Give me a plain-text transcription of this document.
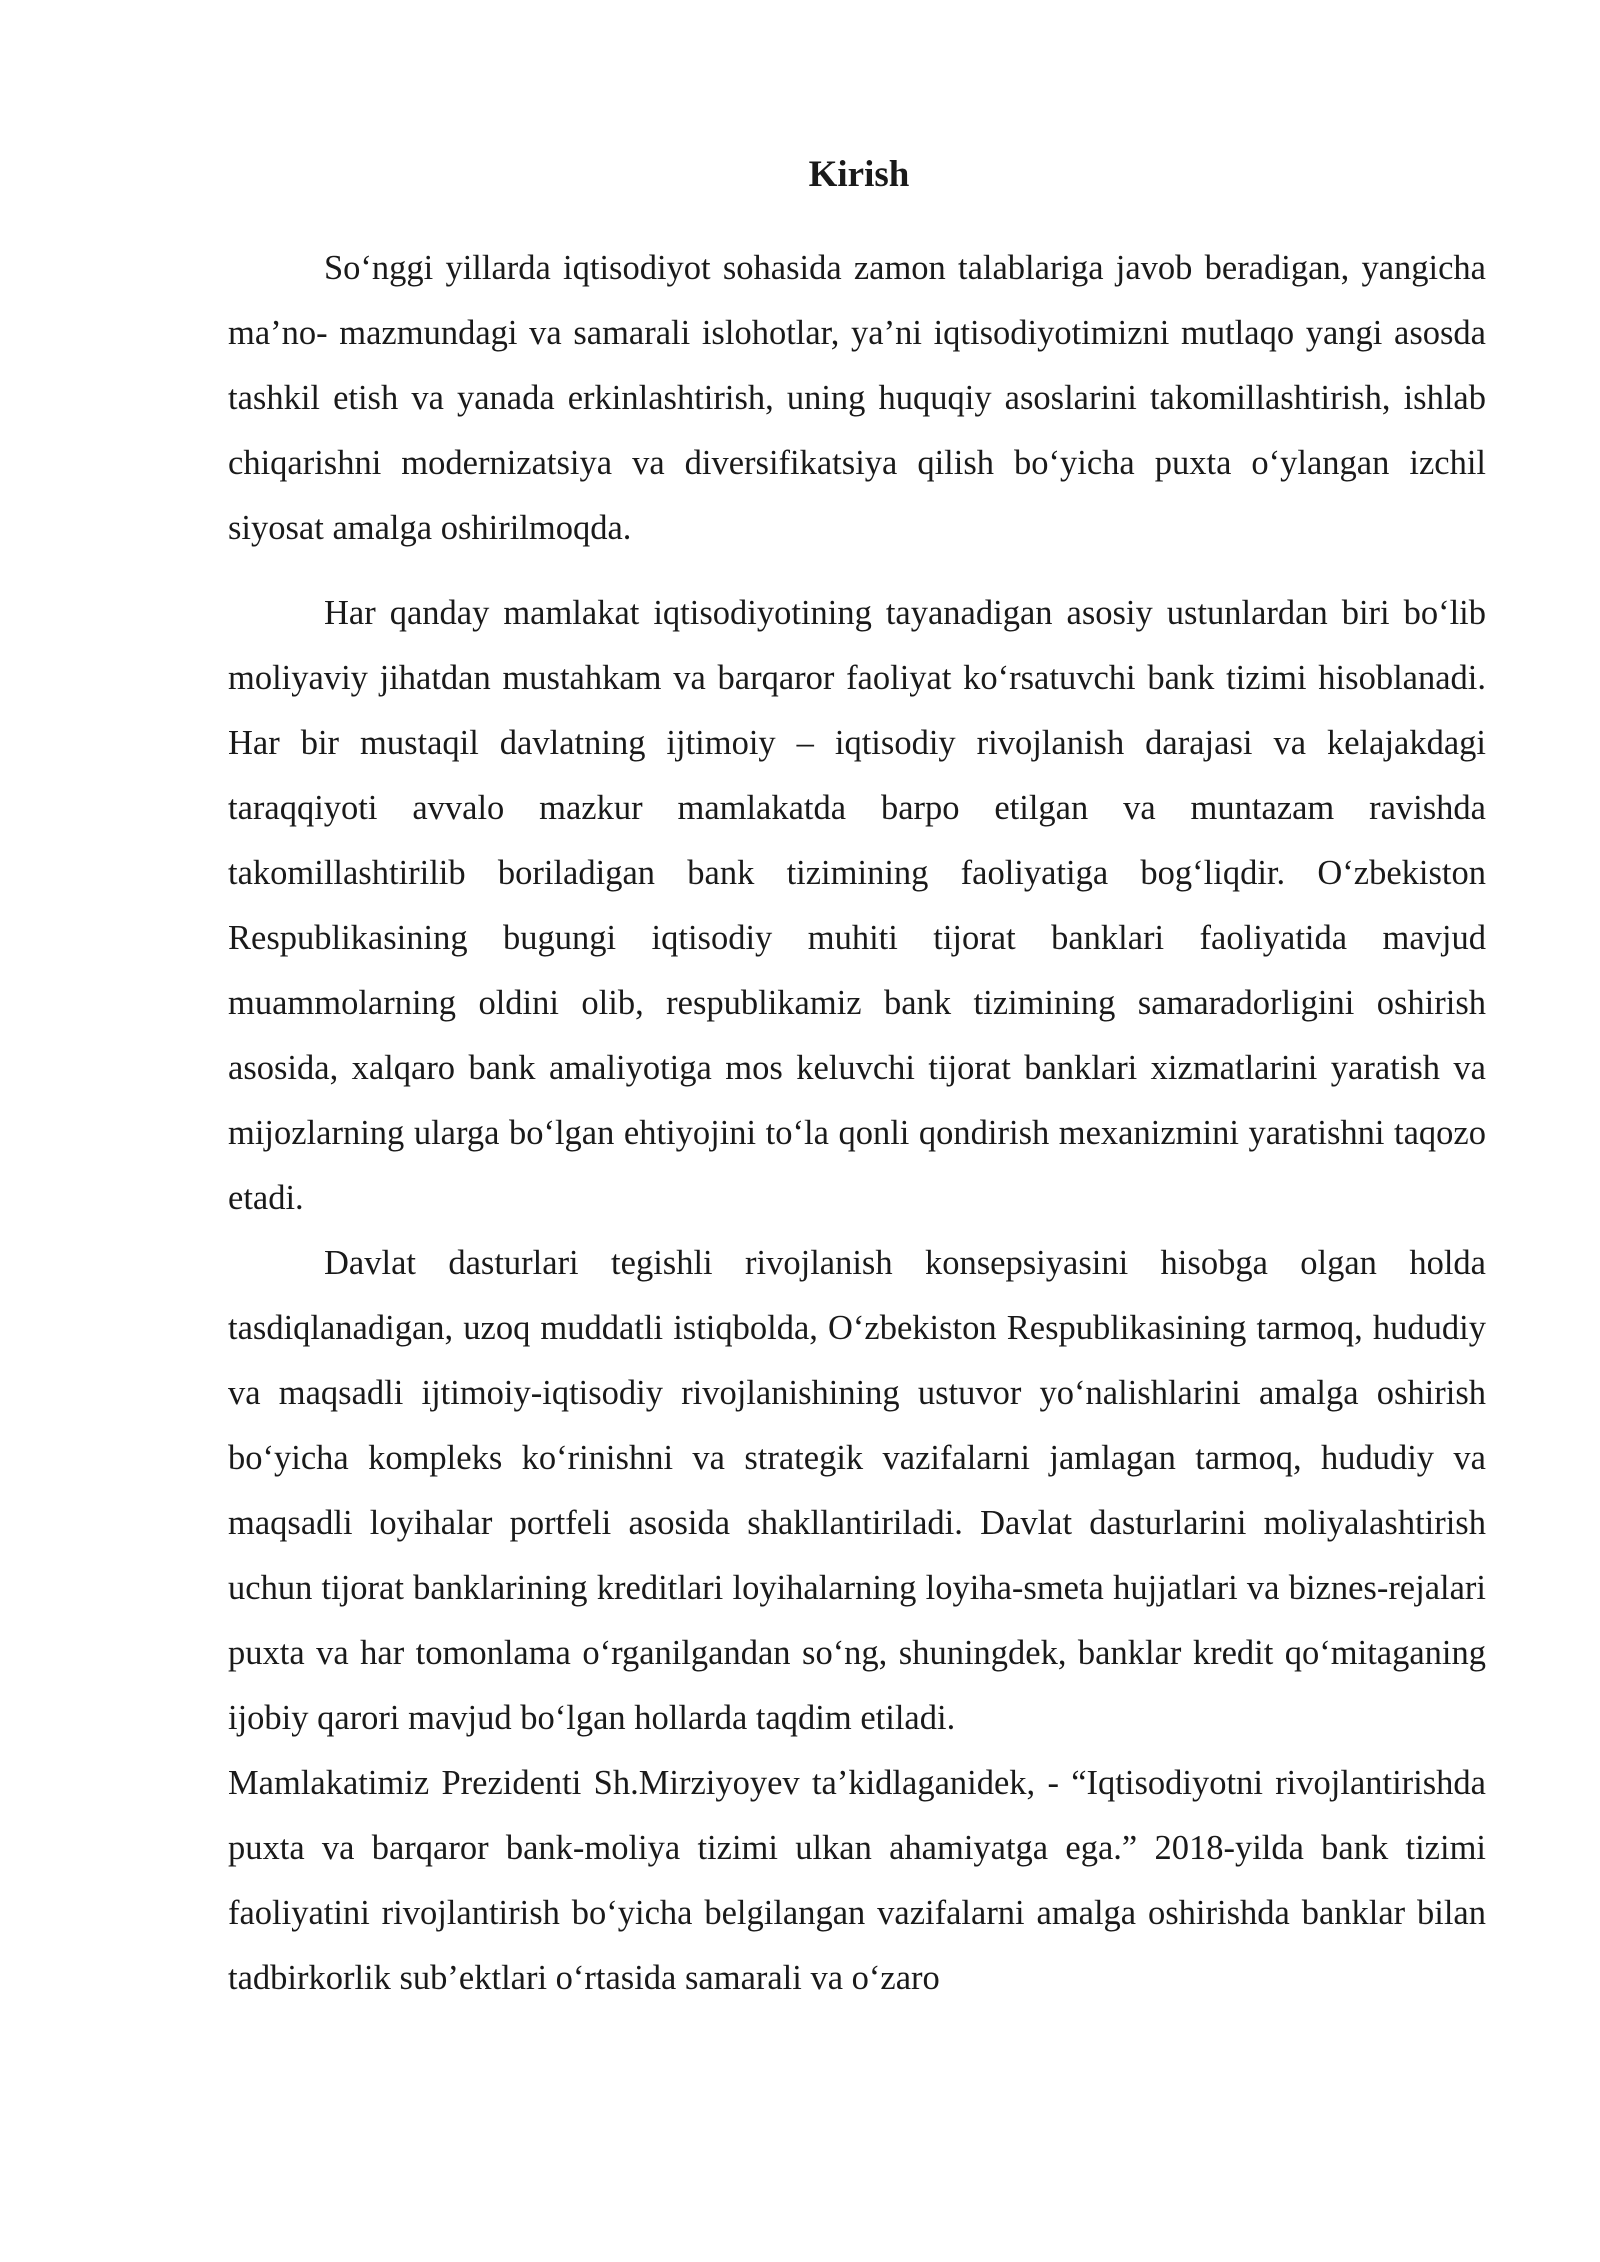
Kirish

So‘nggi yillarda iqtisodiyot sohasida zamon talablariga javob beradigan, yangicha ma’no- mazmundagi va samarali islohotlar, ya’ni iqtisodiyotimizni mutlaqo yangi asosda tashkil etish va yanada erkinlashtirish, uning huquqiy asoslarini takomillashtirish, ishlab chiqarishni modernizatsiya va diversifikatsiya qilish bo‘yicha puxta o‘ylangan izchil siyosat amalga oshirilmoqda.

Har qanday mamlakat iqtisodiyotining tayanadigan asosiy ustunlardan biri bo‘lib moliyaviy jihatdan mustahkam va barqaror faoliyat ko‘rsatuvchi bank tizimi hisoblanadi. Har bir mustaqil davlatning ijtimoiy – iqtisodiy rivojlanish darajasi va kelajakdagi taraqqiyoti avvalo mazkur mamlakatda barpo etilgan va muntazam ravishda takomillashtirilib boriladigan bank tizimining faoliyatiga bog‘liqdir. O‘zbekiston Respublikasining bugungi iqtisodiy muhiti tijorat banklari faoliyatida mavjud muammolarning oldini olib, respublikamiz bank tizimining samaradorligini oshirish asosida, xalqaro bank amaliyotiga mos keluvchi tijorat banklari xizmatlarini yaratish va mijozlarning ularga bo‘lgan ehtiyojini to‘la qonli qondirish mexanizmini yaratishni taqozo etadi.

Davlat dasturlari tegishli rivojlanish konsepsiyasini hisobga olgan holda tasdiqlanadigan, uzoq muddatli istiqbolda, O‘zbekiston Respublikasining tarmoq, hududiy va maqsadli ijtimoiy-iqtisodiy rivojlanishining ustuvor yo‘nalishlarini amalga oshirish bo‘yicha kompleks ko‘rinishni va strategik vazifalarni jamlagan tarmoq, hududiy va maqsadli loyihalar portfeli asosida shakllantiriladi. Davlat dasturlarini moliyalashtirish uchun tijorat banklarining kreditlari loyihalarning loyiha-smeta hujjatlari va biznes-rejalari puxta va har tomonlama o‘rganilgandan so‘ng, shuningdek, banklar kredit qo‘mitaganing ijobiy qarori mavjud bo‘lgan hollarda taqdim etiladi.

Mamlakatimiz Prezidenti Sh.Mirziyoyev ta’kidlaganidek, - “Iqtisodiyotni rivojlantirishda puxta va barqaror bank-moliya tizimi ulkan ahamiyatga ega.” 2018-yilda bank tizimi faoliyatini rivojlantirish bo‘yicha belgilangan vazifalarni amalga oshirishda banklar bilan tadbirkorlik sub’ektlari o‘rtasida samarali va o‘zaro
